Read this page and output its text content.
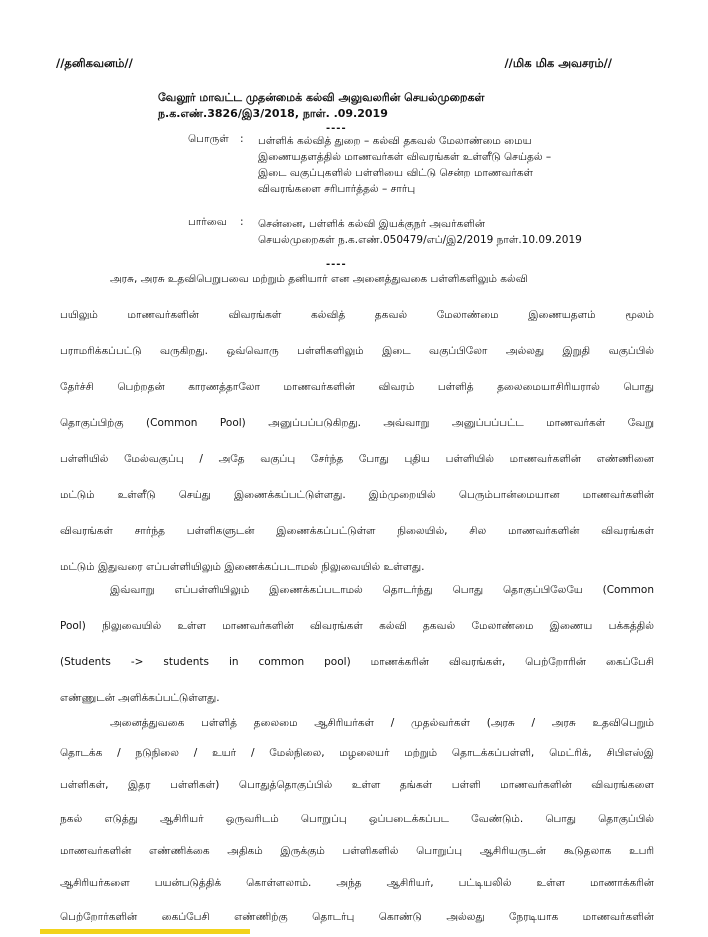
//தனிகவனம்//	//மிக மிக அவசரம்//
வேலூர் மாவட்ட முதன்மைக் கல்வி அலுவலரின் செயல்முறைகள்
ந.க.எண்.3826/இ3/2018, நாள். .09.2019
----
பொருள் : பள்ளிக் கல்வித் துறை – கல்வி தகவல் மேலாண்மை மைய
இணையதளத்தில் மாணவர்கள் விவரங்கள் உள்ளீடு செய்தல் –
இடை வகுப்புகளில் பள்ளியை விட்டு சென்ற மாணவர்கள்
விவரங்களை சரிபார்த்தல் – சார்பு
பார்வை : சென்னை, பள்ளிக் கல்வி இயக்குநர் அவர்களின்
செயல்முறைகள் ந.க.எண்.050479/எப்/இ2/2019 நாள்.10.09.2019
----
அரசு, அரசு உதவிபெறுபவை மற்றும் தனியார் என அனைத்துவகை பள்ளிகளிலும் கல்வி
பயிலும் மாணவர்களின் விவரங்கள் கல்வித் தகவல் மேலாண்மை இணையதளம் மூலம்
பராமரிக்கப்பட்டு வருகிறது. ஒவ்வொரு பள்ளிகளிலும் இடை வகுப்பிலோ அல்லது இறுதி வகுப்பில்
தேர்ச்சி பெற்றதன் காரணத்தாலோ மாணவர்களின் விவரம் பள்ளித் தலைமையாசிரியரால் பொது
தொகுப்பிற்கு (Common Pool) அனுப்பப்படுகிறது. அவ்வாறு அனுப்பப்பட்ட மாணவர்கள் வேறு
பள்ளியில் மேல்வகுப்பு / அதே வகுப்பு சேர்ந்த போது புதிய பள்ளியில் மாணவர்களின் எண்ணினை
மட்டும் உள்ளீடு செய்து இணைக்கப்பட்டுள்ளது. இம்முறையில் பெரும்பான்மையான மாணவர்களின்
விவரங்கள் சார்ந்த பள்ளிகளுடன் இணைக்கப்பட்டுள்ள நிலையில், சில மாணவர்களின் விவரங்கள்
மட்டும் இதுவரை எப்பள்ளியிலும் இணைக்கப்படாமல் நிலுவையில் உள்ளது.
இவ்வாறு எப்பள்ளியிலும் இணைக்கப்படாமல் தொடர்ந்து பொது தொகுப்பிலேயே (Common
Pool) நிலுவையில் உள்ள மாணவர்களின் விவரங்கள் கல்வி தகவல் மேலாண்மை இணைய பக்கத்தில்
(Students -> students in common pool) மாணக்கரின் விவரங்கள், பெற்றோரின் கைப்பேசி
எண்ணுடன் அளிக்கப்பட்டுள்ளது.
அனைத்துவகை பள்ளித் தலைமை ஆசிரியர்கள் / முதல்வர்கள் (அரசு / அரசு உதவிபெறும்
தொடக்க / நடுநிலை / உயர் / மேல்நிலை, மழலையர் மற்றும் தொடக்கப்பள்ளி, மெட்ரிக், சிபிஎஸ்இ
பள்ளிகள், இதர பள்ளிகள்) பொதுத்தொகுப்பில் உள்ள தங்கள் பள்ளி மாணவர்களின் விவரங்களை
நகல் எடுத்து ஆசிரியர் ஒருவரிடம் பொறுப்பு ஒப்படைக்கப்பட வேண்டும். பொது தொகுப்பில்
மாணவர்களின் எண்ணிக்கை அதிகம் இருக்கும் பள்ளிகளில் பொறுப்பு ஆசிரியருடன் கூடுதலாக உபரி
ஆசிரியர்களை பயன்படுத்திக் கொள்ளலாம். அந்த ஆசிரியர், பட்டியலில் உள்ள மாணாக்கரின்
பெற்றோர்களின் கைப்பேசி எண்ணிற்கு தொடர்பு கொண்டு அல்லது நேரடியாக மாணவர்களின்
